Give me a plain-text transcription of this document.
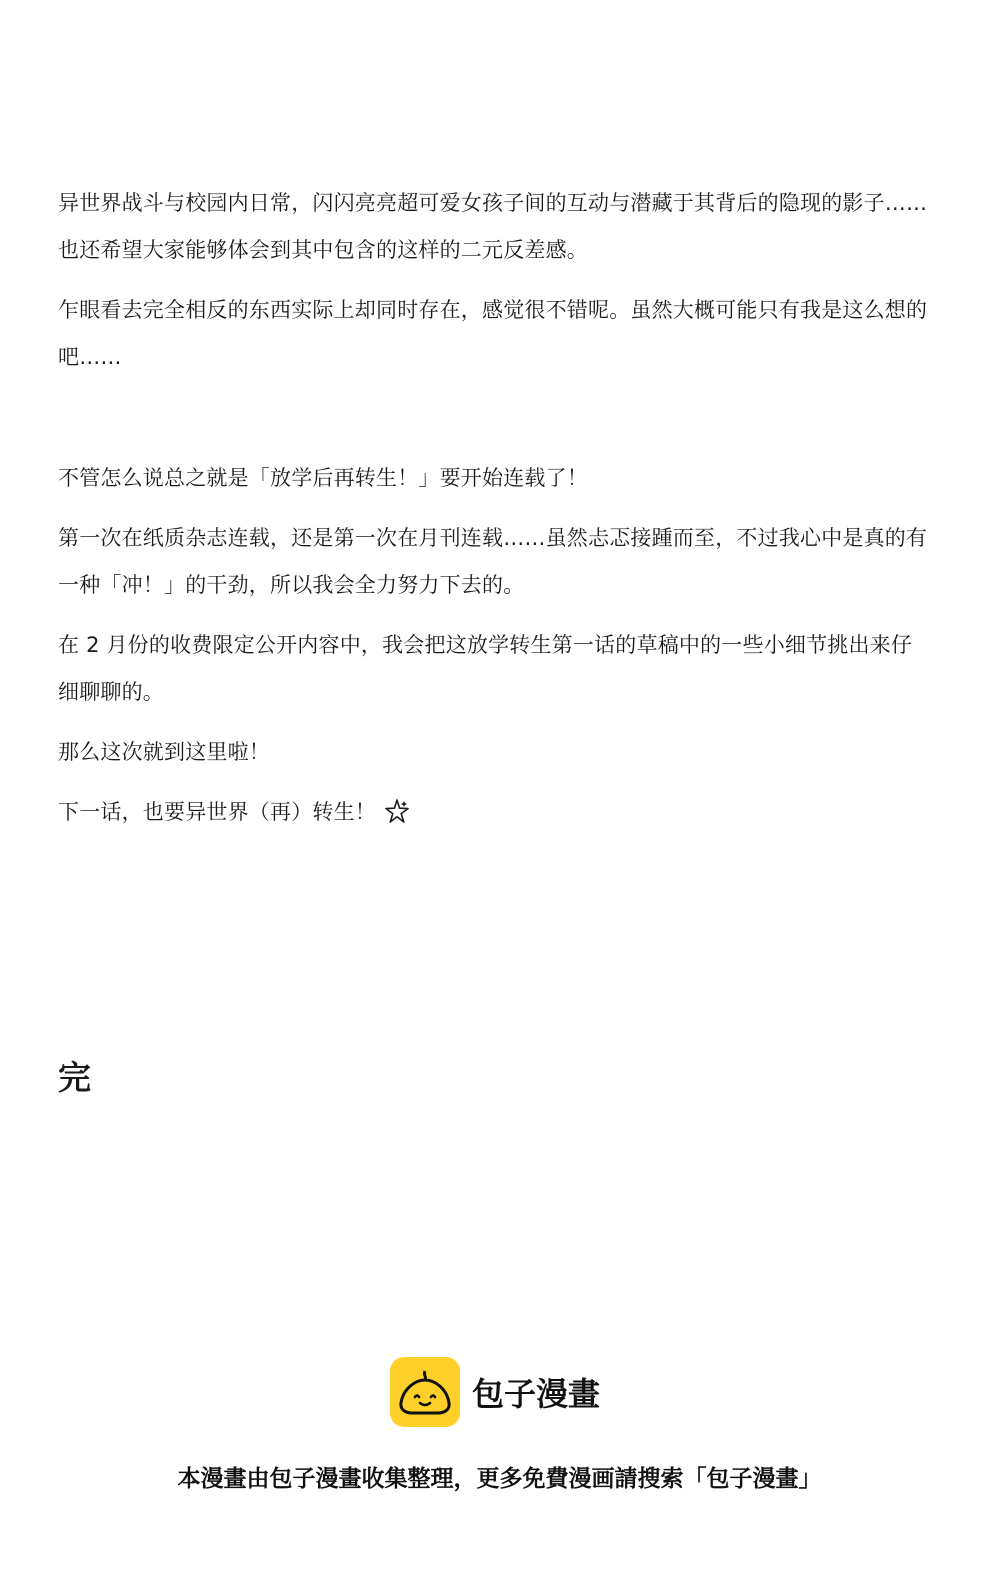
异世界战斗与校园内日常，闪闪亮亮超可爱女孩子间的互动与潜藏于其背后的隐现的影子……也还希望大家能够体会到其中包含的这样的二元反差感。

乍眼看去完全相反的东西实际上却同时存在，感觉很不错呢。虽然大概可能只有我是这么想的吧……

不管怎么说总之就是「放学后再转生！」要开始连载了！

第一次在纸质杂志连载，还是第一次在月刊连载……虽然忐忑接踵而至，不过我心中是真的有一种「冲！」的干劲，所以我会全力努力下去的。

在 2 月份的收费限定公开内容中，我会把这放学转生第一话的草稿中的一些小细节挑出来仔细聊聊的。

那么这次就到这里啦！

下一话，也要异世界（再）转生！

完
包子漫畫

本漫畫由包子漫畫收集整理，更多免費漫画請搜索「包子漫畫」
